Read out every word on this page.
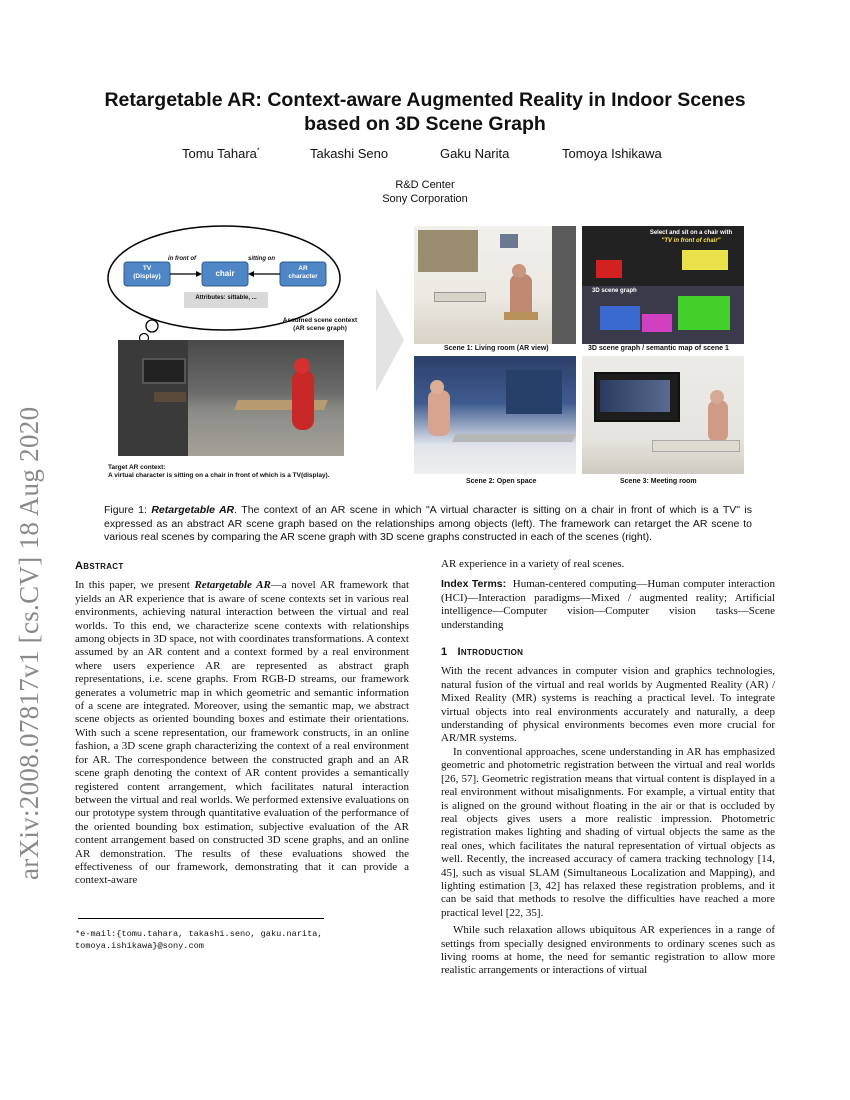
Retargetable AR: Context-aware Augmented Reality in Indoor Scenes
based on 3D Scene Graph
Tomu Tahara*	Takashi Seno	Gaku Narita	Tomoya Ishikawa
R&D Center
Sony Corporation
arXiv:2008.07817v1 [cs.CV] 18 Aug 2020
TV
(Display)	chair
AR
character
in front of	sitting on
Attributes: sittable, ...
Assumed scene context
(AR scene graph)
Target AR context:
A virtual character is sitting on a chair in front of which is a TV(display).
Select and sit on a chair with
"TV in front of chair"
3D scene graph
Scene 1: Living room (AR view)	3D scene graph / semantic map of scene 1
Scene 2: Open space	Scene 3: Meeting room
Figure 1: Retargetable AR. The context of an AR scene in which "A virtual character is sitting on a chair in front of which is a TV" is expressed as an abstract AR scene graph based on the relationships among objects (left). The framework can retarget the AR scene to various real scenes by comparing the AR scene graph with 3D scene graphs constructed in each of the scenes (right).
Abstract

In this paper, we present Retargetable AR—a novel AR framework that yields an AR experience that is aware of scene contexts set in various real environments, achieving natural interaction between the virtual and real worlds. To this end, we characterize scene contexts with relationships among objects in 3D space, not with coordinates transformations. A context assumed by an AR content and a context formed by a real environment where users experience AR are represented as abstract graph representations, i.e. scene graphs. From RGB-D streams, our framework generates a volumetric map in which geometric and semantic information of a scene are integrated. Moreover, using the semantic map, we abstract scene objects as oriented bounding boxes and estimate their orientations. With such a scene representation, our framework constructs, in an online fashion, a 3D scene graph characterizing the context of a real environment for AR. The correspondence between the constructed graph and an AR scene graph denoting the context of AR content provides a semantically registered content arrangement, which facilitates natural interaction between the virtual and real worlds. We performed extensive evaluations on our prototype system through quantitative evaluation of the performance of the oriented bounding box estimation, subjective evaluation of the AR content arrangement based on constructed 3D scene graphs, and an online AR demonstration. The results of these evaluations showed the effectiveness of our framework, demonstrating that it can provide a context-aware

*e-mail:{tomu.tahara, takashi.seno, gaku.narita,
tomoya.ishikawa}@sony.com

AR experience in a variety of real scenes.

Index Terms: Human-centered computing—Human computer interaction (HCI)—Interaction paradigms—Mixed / augmented reality; Artificial intelligence—Computer vision—Computer vision tasks—Scene understanding

1 Introduction

With the recent advances in computer vision and graphics technologies, natural fusion of the virtual and real worlds by Augmented Reality (AR) / Mixed Reality (MR) systems is reaching a practical level. To integrate virtual objects into real environments accurately and naturally, a deep understanding of physical environments becomes even more crucial for AR/MR systems.

In conventional approaches, scene understanding in AR has emphasized geometric and photometric registration between the virtual and real worlds [26, 57]. Geometric registration means that virtual content is displayed in a real environment without misalignments. For example, a virtual entity that is aligned on the ground without floating in the air or that is occluded by real objects gives users a more realistic impression. Photometric registration makes lighting and shading of virtual objects the same as the real ones, which facilitates the natural representation of virtual objects as well. Recently, the increased accuracy of camera tracking technology [14, 45], such as visual SLAM (Simultaneous Localization and Mapping), and lighting estimation [3, 42] has relaxed these registration problems, and it can be said that methods to resolve the difficulties have reached a more practical level [22, 35].

While such relaxation allows ubiquitous AR experiences in a range of settings from specially designed environments to ordinary scenes such as living rooms at home, the need for semantic registration to allow more realistic arrangements or interactions of virtual
